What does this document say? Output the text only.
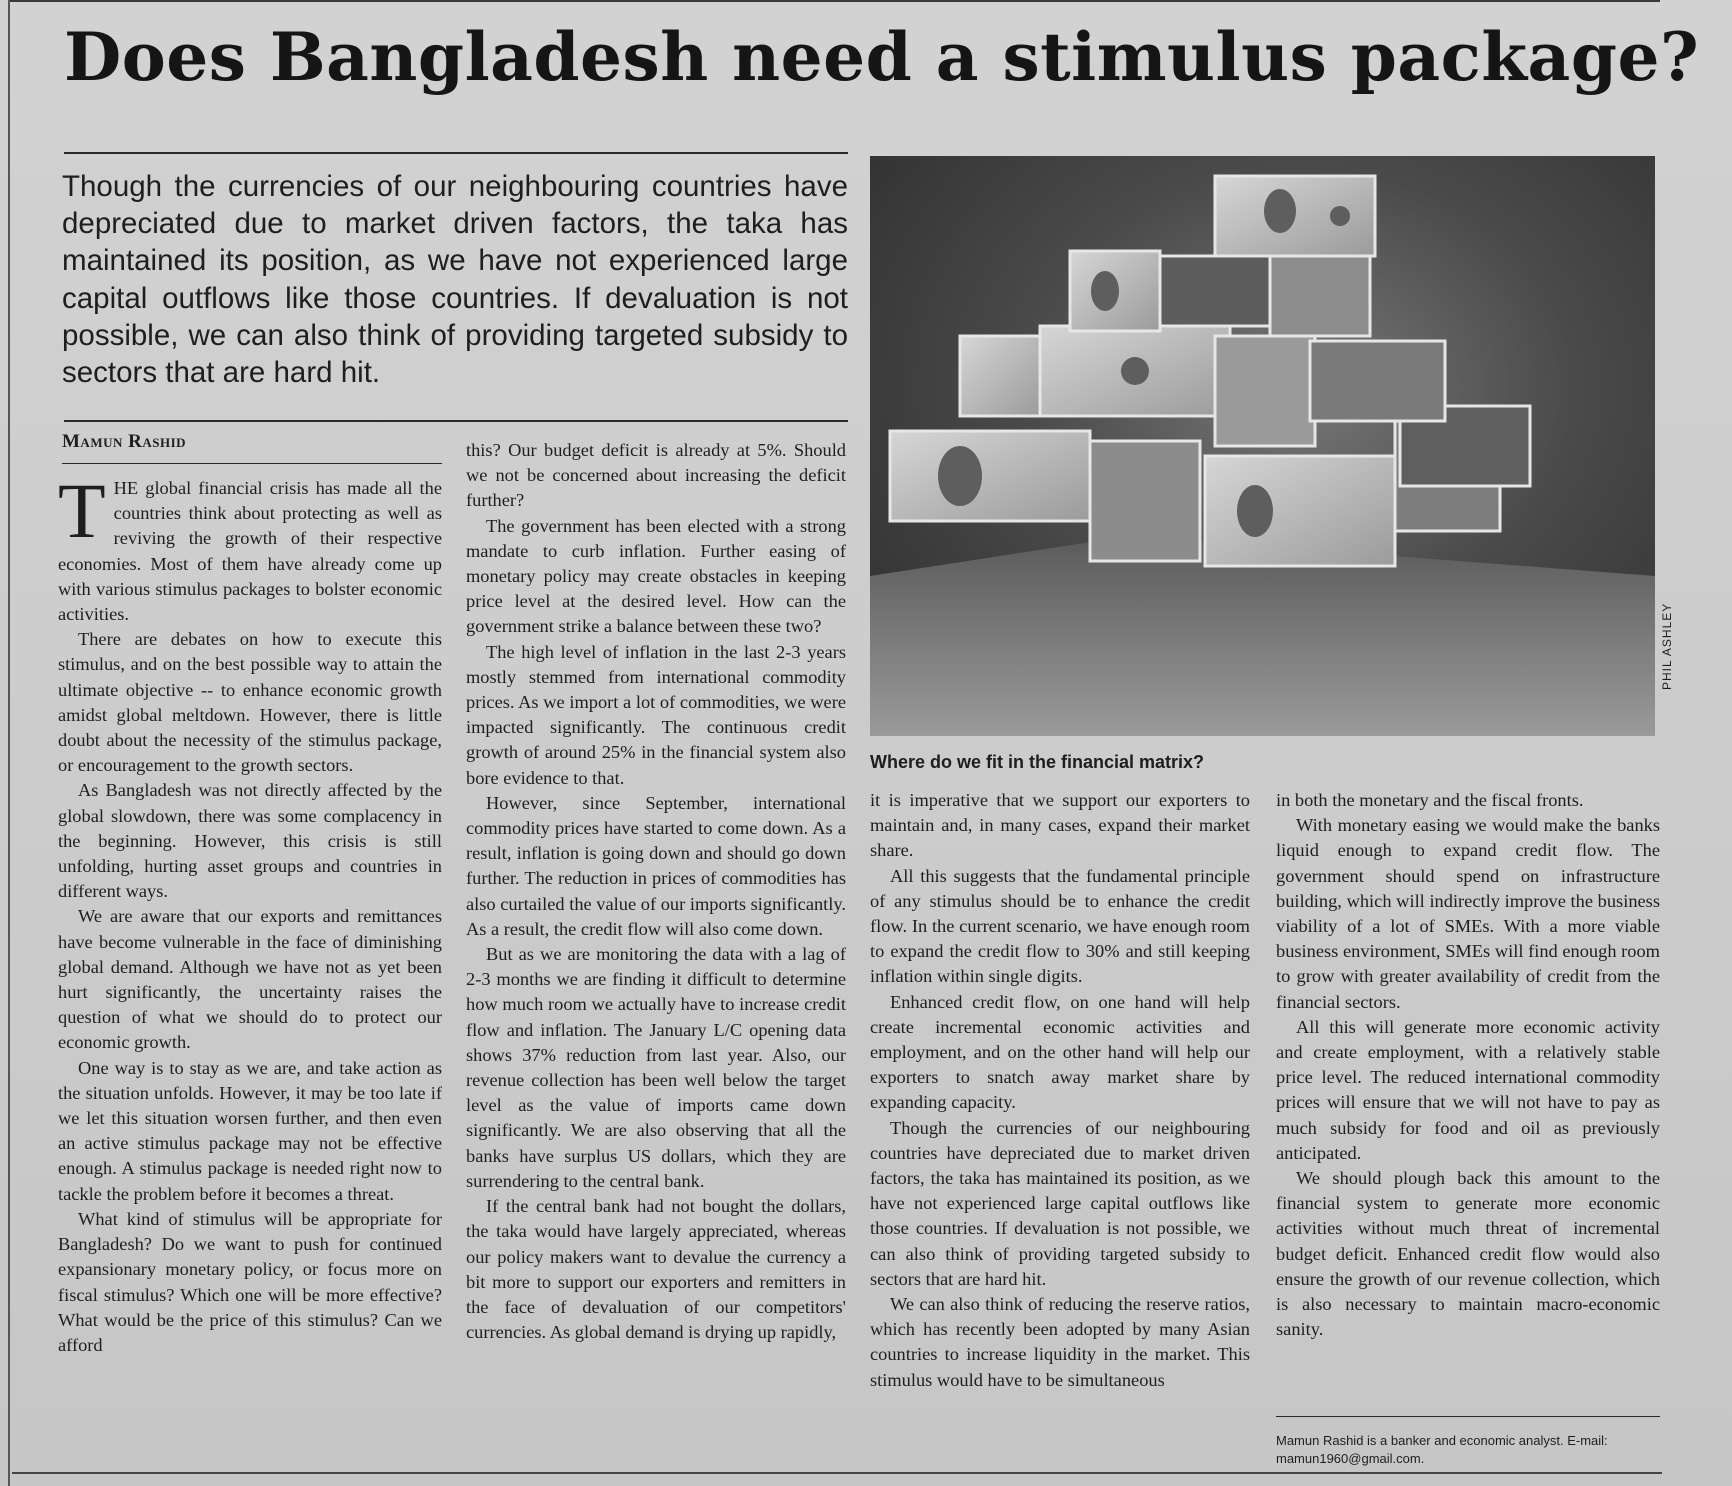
Does Bangladesh need a stimulus package?
Though the currencies of our neighbouring countries have depreciated due to market driven factors, the taka has maintained its position, as we have not experienced large capital outflows like those countries. If devaluation is not possible, we can also think of providing targeted subsidy to sectors that are hard hit.
Mamun Rashid

THE global financial crisis has made all the countries think about protecting as well as reviving the growth of their respective economies. Most of them have already come up with various stimulus packages to bolster economic activities.

There are debates on how to execute this stimulus, and on the best possible way to attain the ultimate objective -- to enhance economic growth amidst global meltdown. However, there is little doubt about the necessity of the stimulus package, or encouragement to the growth sectors.

As Bangladesh was not directly affected by the global slowdown, there was some complacency in the beginning. However, this crisis is still unfolding, hurting asset groups and countries in different ways.

We are aware that our exports and remittances have become vulnerable in the face of diminishing global demand. Although we have not as yet been hurt significantly, the uncertainty raises the question of what we should do to protect our economic growth.

One way is to stay as we are, and take action as the situation unfolds. However, it may be too late if we let this situation worsen further, and then even an active stimulus package may not be effective enough. A stimulus package is needed right now to tackle the problem before it becomes a threat.

What kind of stimulus will be appropriate for Bangladesh? Do we want to push for continued expansionary monetary policy, or focus more on fiscal stimulus? Which one will be more effective? What would be the price of this stimulus? Can we afford

this? Our budget deficit is already at 5%. Should we not be concerned about increasing the deficit further?

The government has been elected with a strong mandate to curb inflation. Further easing of monetary policy may create obstacles in keeping price level at the desired level. How can the government strike a balance between these two?

The high level of inflation in the last 2-3 years mostly stemmed from international commodity prices. As we import a lot of commodities, we were impacted significantly. The continuous credit growth of around 25% in the financial system also bore evidence to that.

However, since September, international commodity prices have started to come down. As a result, inflation is going down and should go down further. The reduction in prices of commodities has also curtailed the value of our imports significantly. As a result, the credit flow will also come down.

But as we are monitoring the data with a lag of 2-3 months we are finding it difficult to determine how much room we actually have to increase credit flow and inflation. The January L/C opening data shows 37% reduction from last year. Also, our revenue collection has been well below the target level as the value of imports came down significantly. We are also observing that all the banks have surplus US dollars, which they are surrendering to the central bank.

If the central bank had not bought the dollars, the taka would have largely appreciated, whereas our policy makers want to devalue the currency a bit more to support our exporters and remitters in the face of devaluation of our competitors' currencies. As global demand is drying up rapidly,

PHIL ASHLEY
Where do we fit in the financial matrix?

it is imperative that we support our exporters to maintain and, in many cases, expand their market share.

All this suggests that the fundamental principle of any stimulus should be to enhance the credit flow. In the current scenario, we have enough room to expand the credit flow to 30% and still keeping inflation within single digits.

Enhanced credit flow, on one hand will help create incremental economic activities and employment, and on the other hand will help our exporters to snatch away market share by expanding capacity.

Though the currencies of our neighbouring countries have depreciated due to market driven factors, the taka has maintained its position, as we have not experienced large capital outflows like those countries. If devaluation is not possible, we can also think of providing targeted subsidy to sectors that are hard hit.

We can also think of reducing the reserve ratios, which has recently been adopted by many Asian countries to increase liquidity in the market. This stimulus would have to be simultaneous

in both the monetary and the fiscal fronts.

With monetary easing we would make the banks liquid enough to expand credit flow. The government should spend on infrastructure building, which will indirectly improve the business viability of a lot of SMEs. With a more viable business environment, SMEs will find enough room to grow with greater availability of credit from the financial sectors.

All this will generate more economic activity and create employment, with a relatively stable price level. The reduced international commodity prices will ensure that we will not have to pay as much subsidy for food and oil as previously anticipated.

We should plough back this amount to the financial system to generate more economic activities without much threat of incremental budget deficit. Enhanced credit flow would also ensure the growth of our revenue collection, which is also necessary to maintain macro-economic sanity.

Mamun Rashid is a banker and economic analyst. E-mail: mamun1960@gmail.com.
